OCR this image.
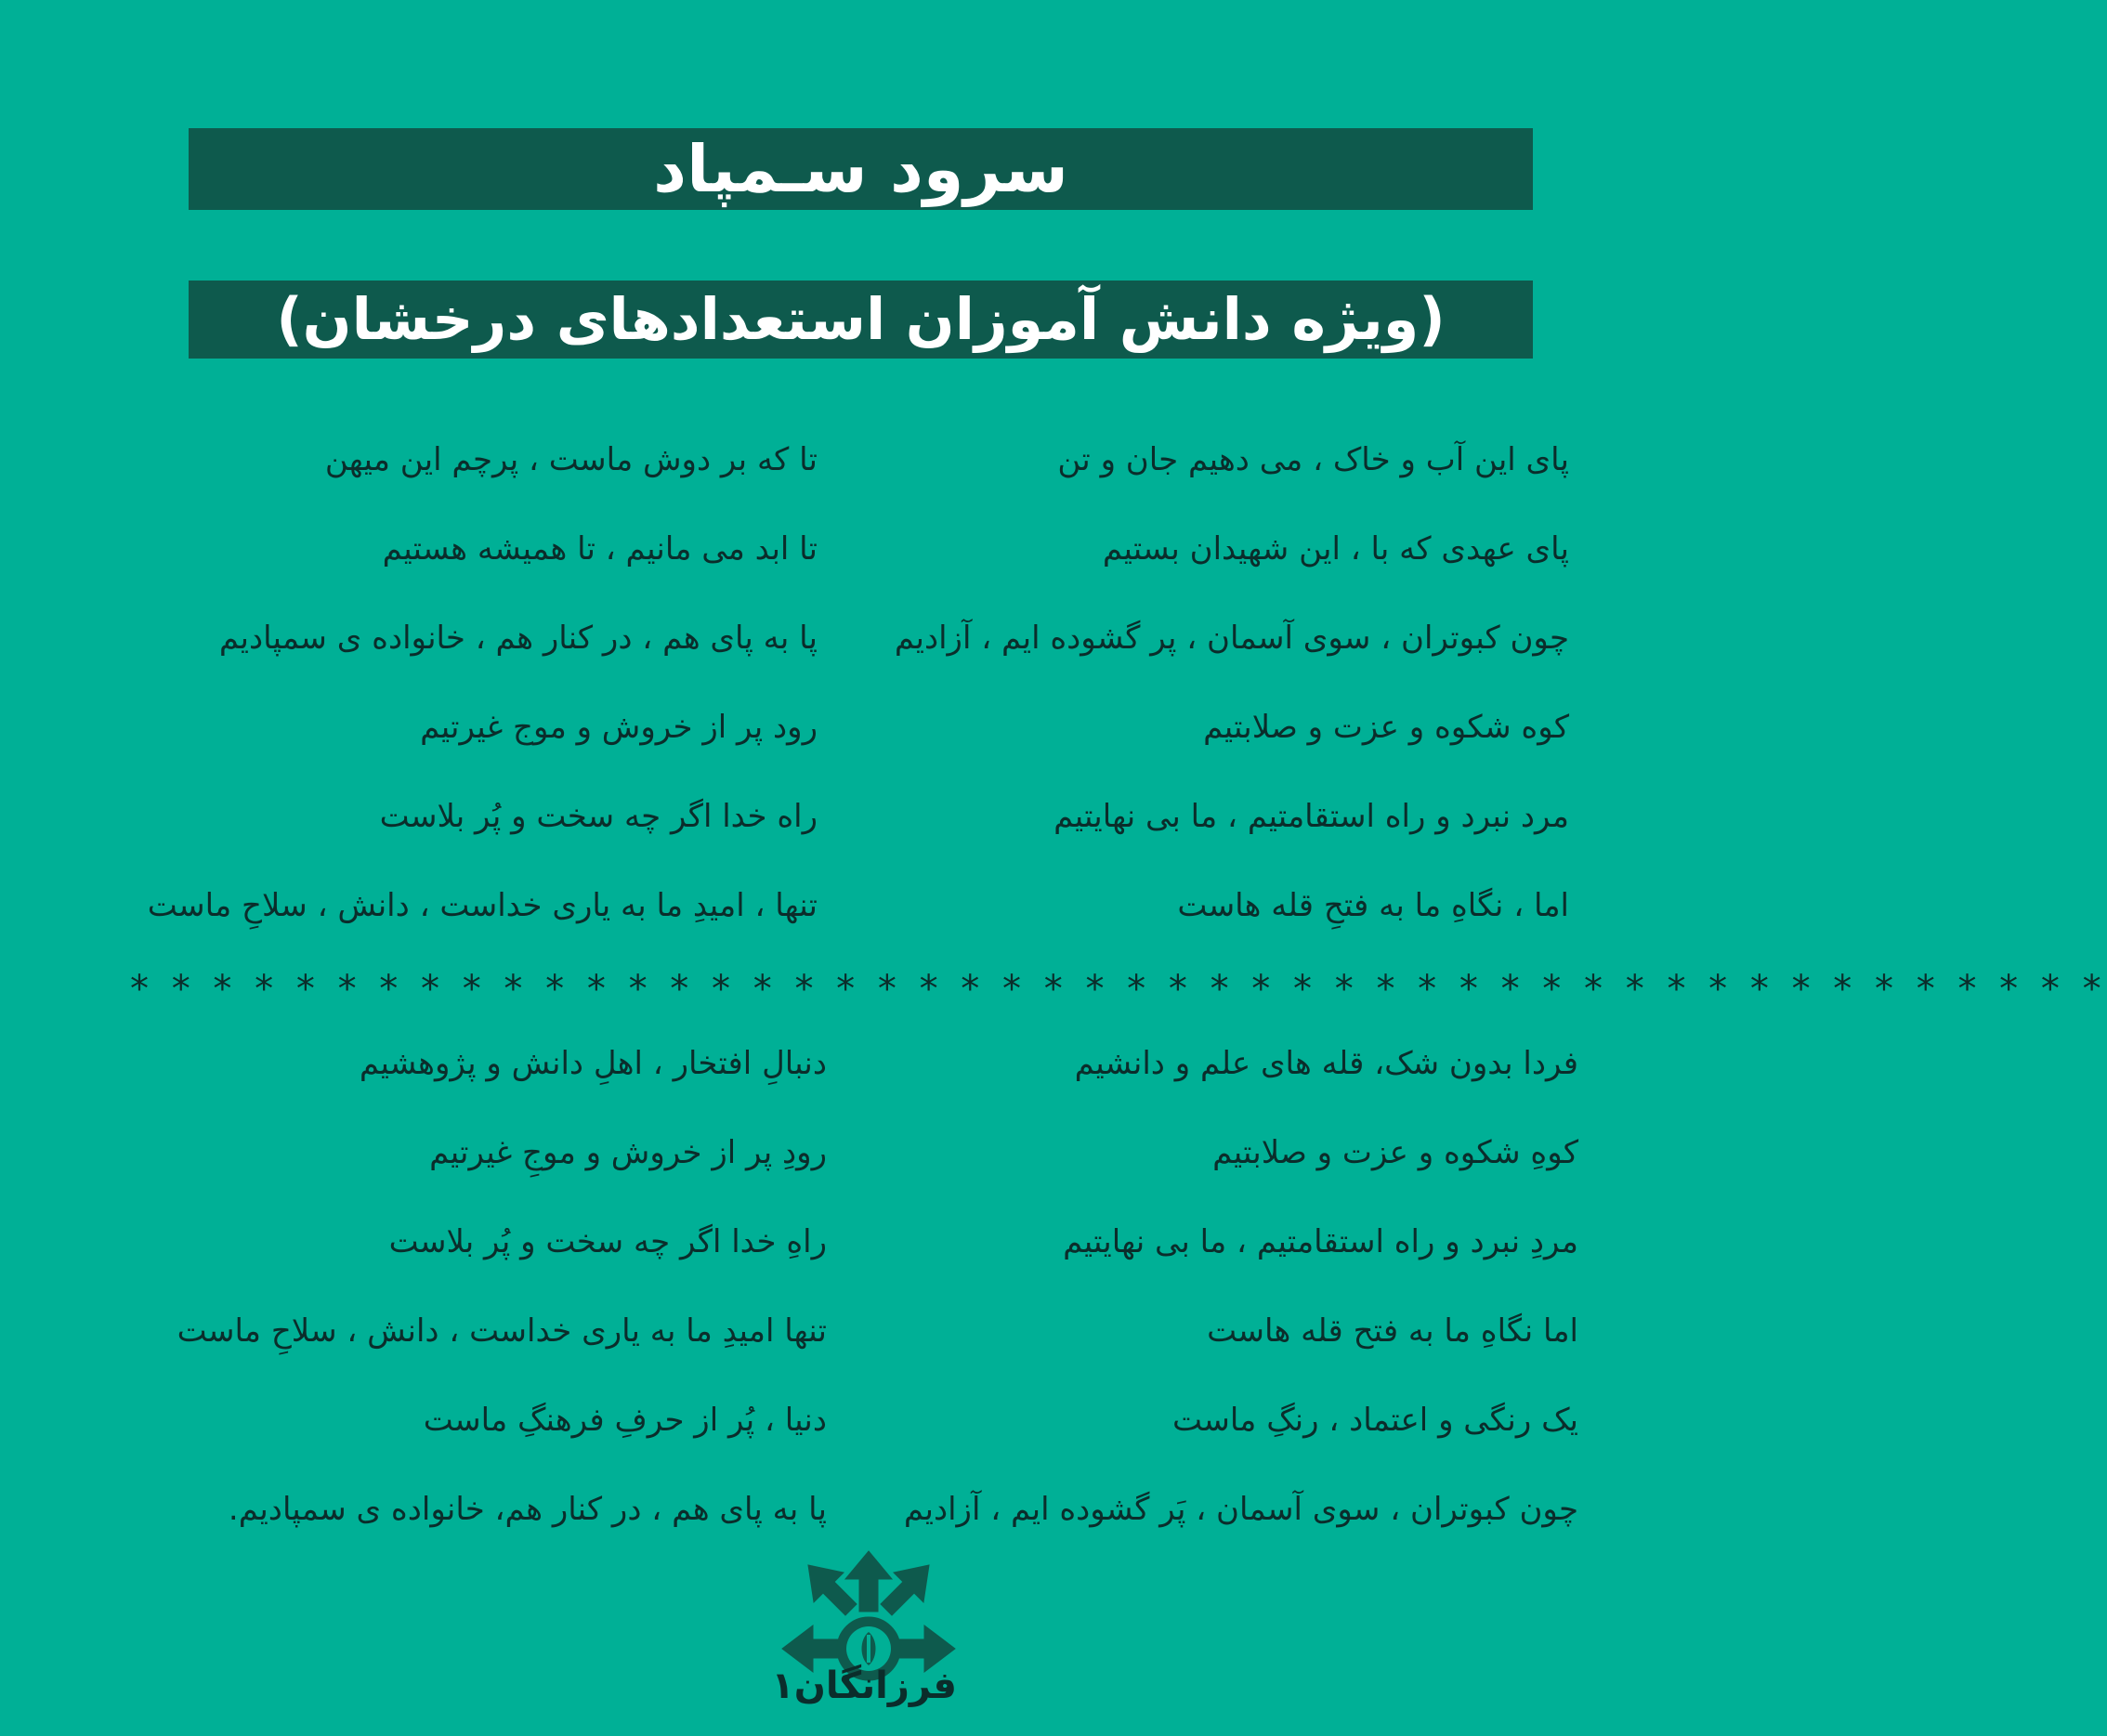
سرود سـمپاد
(ویژه دانش آموزان استعدادهای درخشان)
پای این آب و خاک ، می دهیم جان و تن
تا که بر دوش ماست ، پرچم این میهن
پای عهدی که با ، این شهیدان بستیم
تا ابد می مانیم ، تا همیشه هستیم
چون کبوتران ، سوی آسمان ، پر گشوده ایم ، آزادیم
پا به پای هم ، در کنار هم ، خانواده ی سمپادیم
کوه شکوه و عزت و صلابتیم
رود پر از خروش و موج غیرتیم
مرد نبرد و راه استقامتیم ، ما بی نهایتیم
راه خدا اگر چه سخت و پُر بلاست
اما ، نگاهِ ما به فتحِ قله هاست
تنها ، امیدِ ما به یاری خداست ، دانش ، سلاحِ ماست
* * * * * * * * * * * * * * * * * * * * * * * * * * * * * * * * * * * * * * * * * * * * * * * *
فردا بدون شک، قله های علم و دانشیم
دنبالِ افتخار ، اهلِ دانش و پژوهشیم
کوهِ شکوه و عزت و صلابتیم
رودِ پر از خروش و موجِ غیرتیم
مردِ نبرد و راه استقامتیم ، ما بی نهایتیم
راهِ خدا اگر چه سخت و پُر بلاست
اما نگاهِ ما به فتح قله هاست
تنها امیدِ ما به یاری خداست ، دانش ، سلاحِ ماست
یک رنگی و اعتماد ، رنگِ ماست
دنیا ، پُر از حرفِ فرهنگِ ماست
چون کبوتران ، سوی آسمان ، پَر گشوده ایم ، آزادیم
پا به پای هم ، در کنار هم، خانواده ی سمپادیم.
فرزانگان۱
